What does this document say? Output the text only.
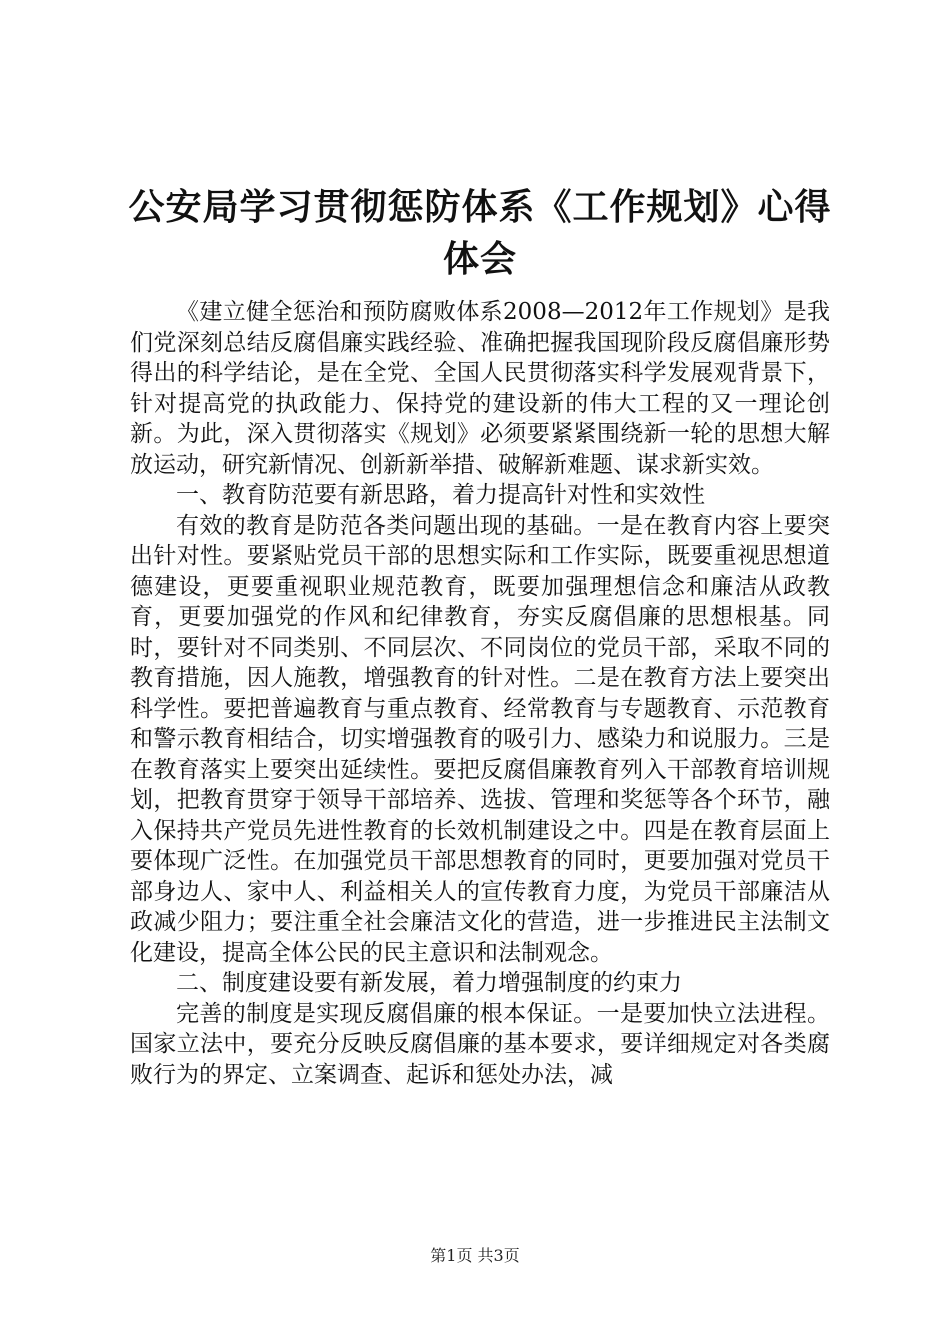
公安局学习贯彻惩防体系《工作规划》心得体会

《建立健全惩治和预防腐败体系2008—2012年工作规划》是我们党深刻总结反腐倡廉实践经验、准确把握我国现阶段反腐倡廉形势得出的科学结论，是在全党、全国人民贯彻落实科学发展观背景下，针对提高党的执政能力、保持党的建设新的伟大工程的又一理论创新。为此，深入贯彻落实《规划》必须要紧紧围绕新一轮的思想大解放运动，研究新情况、创新新举措、破解新难题、谋求新实效。

一、教育防范要有新思路，着力提高针对性和实效性

有效的教育是防范各类问题出现的基础。一是在教育内容上要突出针对性。要紧贴党员干部的思想实际和工作实际，既要重视思想道德建设，更要重视职业规范教育，既要加强理想信念和廉洁从政教育，更要加强党的作风和纪律教育，夯实反腐倡廉的思想根基。同时，要针对不同类别、不同层次、不同岗位的党员干部，采取不同的教育措施，因人施教，增强教育的针对性。二是在教育方法上要突出科学性。要把普遍教育与重点教育、经常教育与专题教育、示范教育和警示教育相结合，切实增强教育的吸引力、感染力和说服力。三是在教育落实上要突出延续性。要把反腐倡廉教育列入干部教育培训规划，把教育贯穿于领导干部培养、选拔、管理和奖惩等各个环节，融入保持共产党员先进性教育的长效机制建设之中。四是在教育层面上要体现广泛性。在加强党员干部思想教育的同时，更要加强对党员干部身边人、家中人、利益相关人的宣传教育力度，为党员干部廉洁从政减少阻力；要注重全社会廉洁文化的营造，进一步推进民主法制文化建设，提高全体公民的民主意识和法制观念。

二、制度建设要有新发展，着力增强制度的约束力

完善的制度是实现反腐倡廉的根本保证。一是要加快立法进程。国家立法中，要充分反映反腐倡廉的基本要求，要详细规定对各类腐败行为的界定、立案调查、起诉和惩处办法，减

第1页 共3页
